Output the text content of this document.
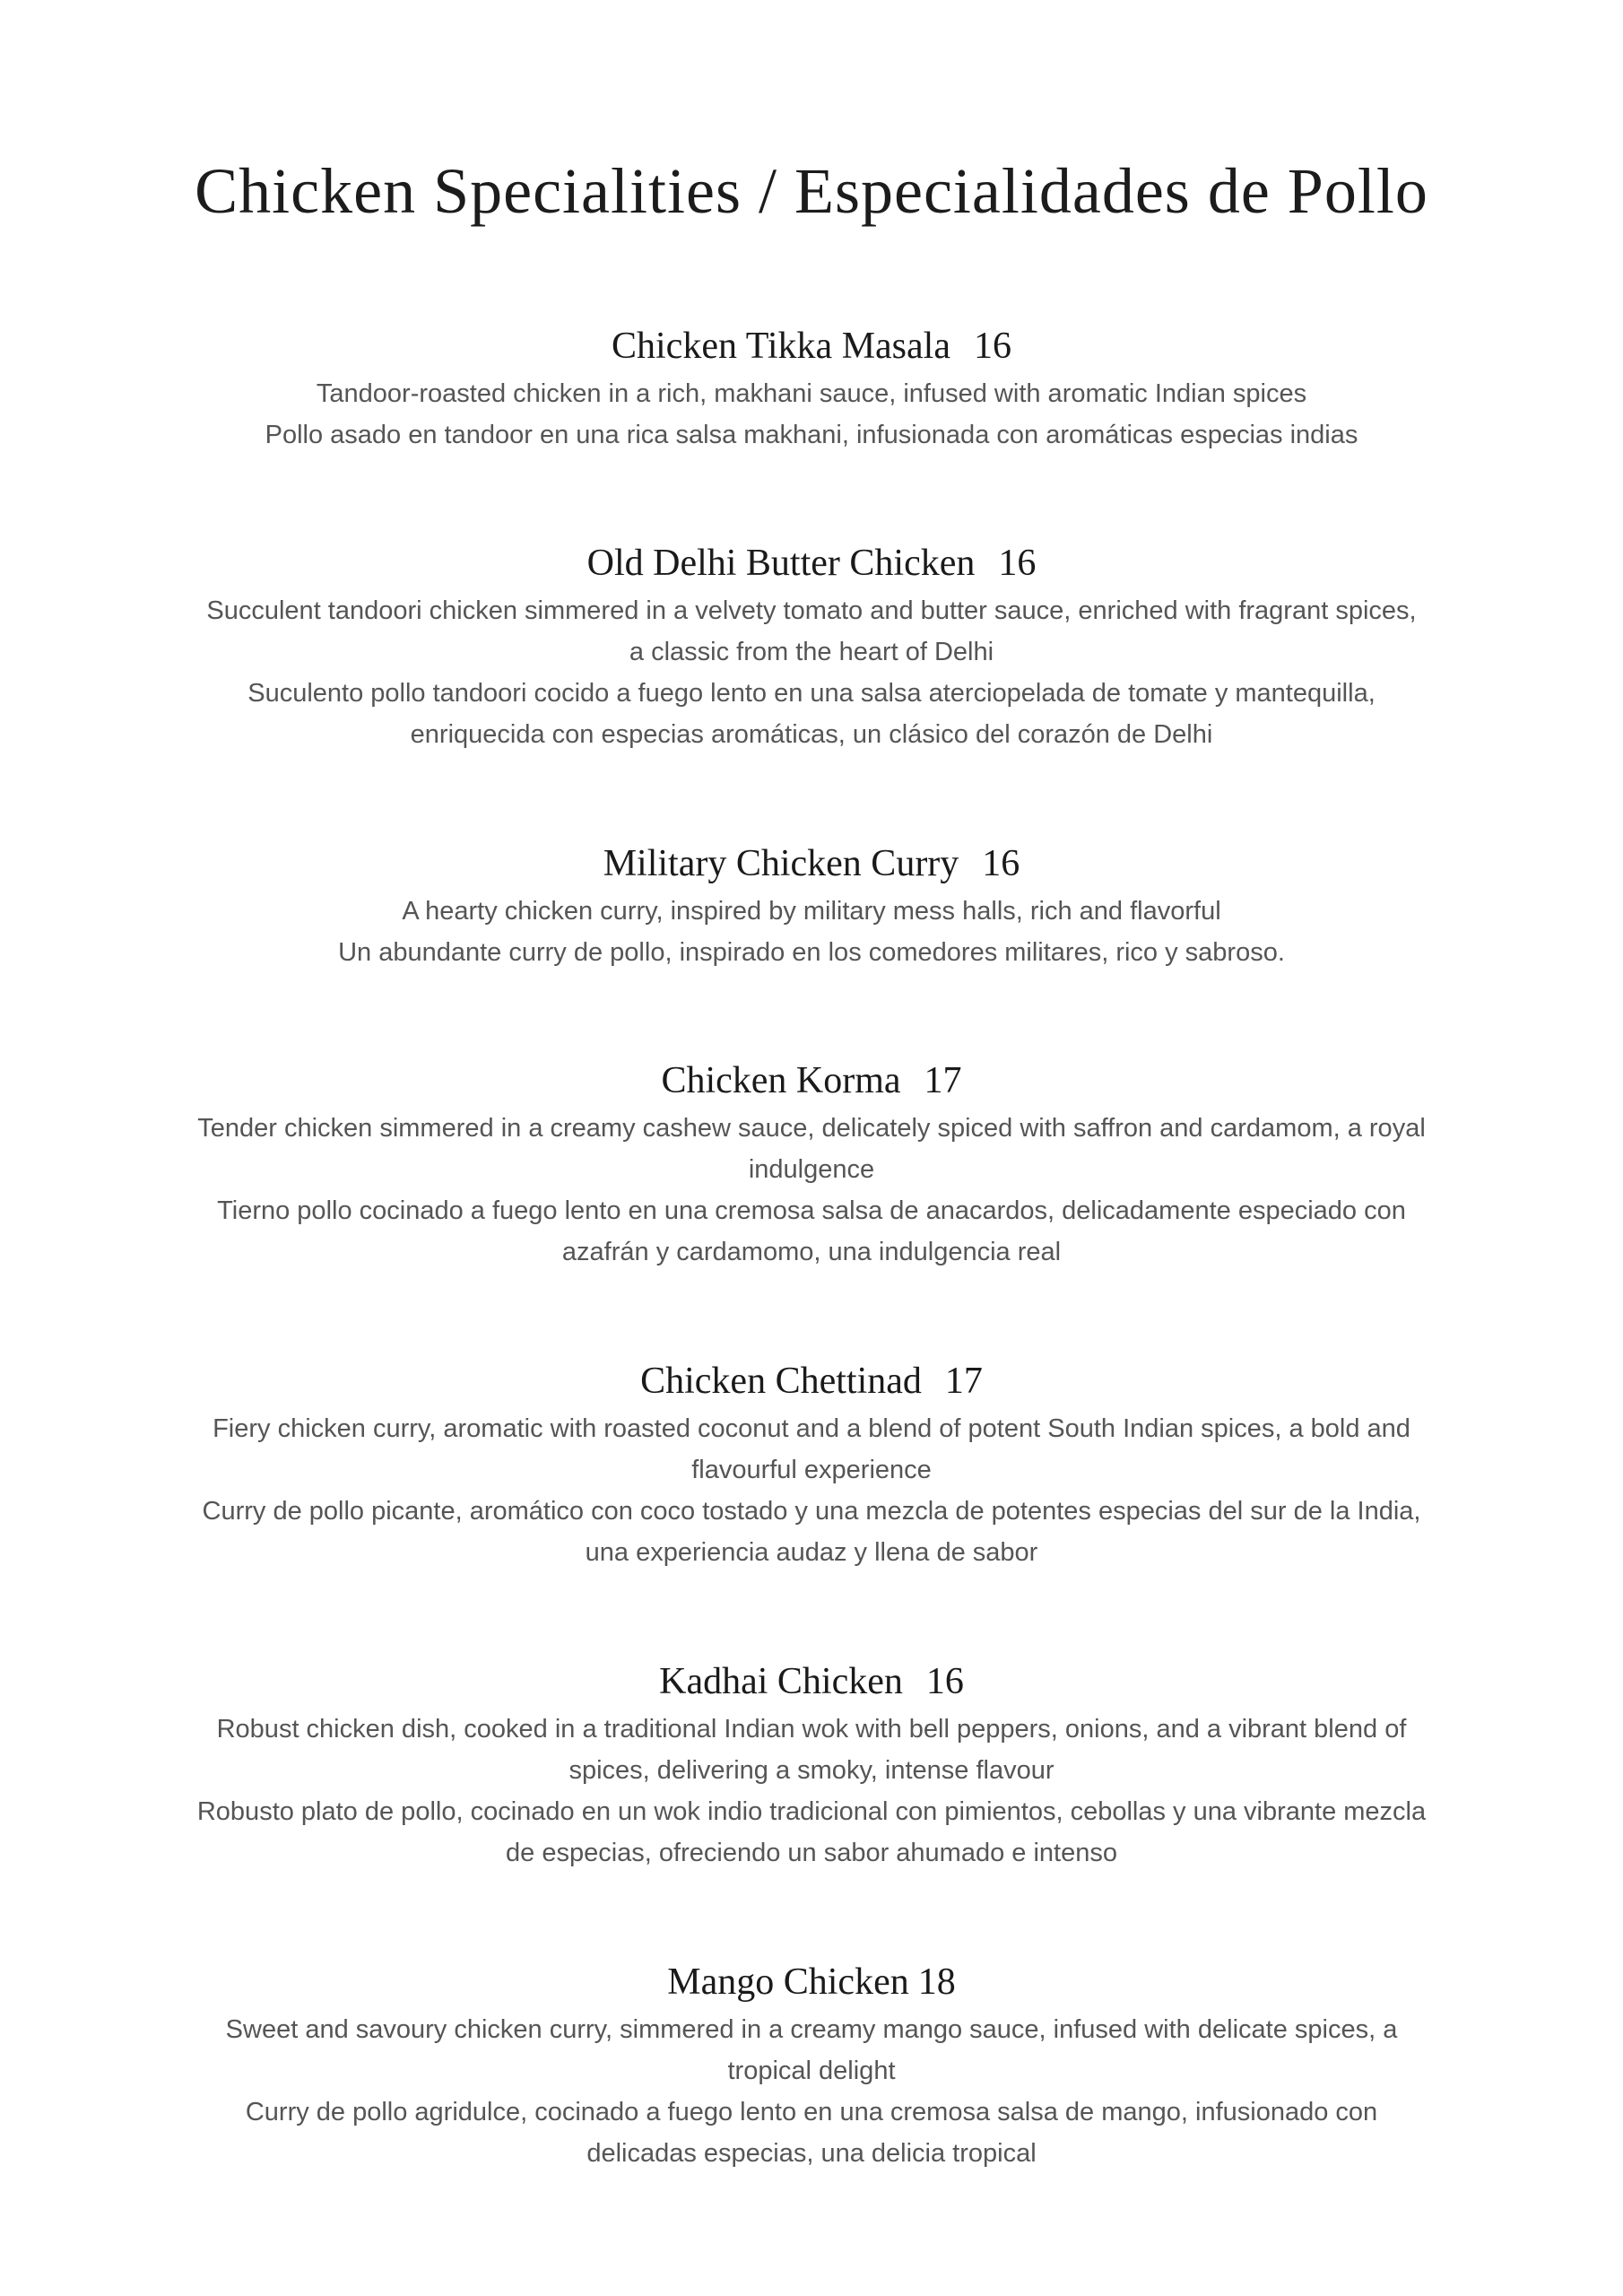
Chicken Specialities / Especialidades de Pollo
Chicken Tikka Masala 16

Tandoor-roasted chicken in a rich, makhani sauce, infused with aromatic Indian spices
Pollo asado en tandoor en una rica salsa makhani, infusionada con aromáticas especias indias

Old Delhi Butter Chicken 16

Succulent tandoori chicken simmered in a velvety tomato and butter sauce, enriched with fragrant spices,
a classic from the heart of Delhi
Suculento pollo tandoori cocido a fuego lento en una salsa aterciopelada de tomate y mantequilla,
enriquecida con especias aromáticas, un clásico del corazón de Delhi

Military Chicken Curry 16

A hearty chicken curry, inspired by military mess halls, rich and flavorful
Un abundante curry de pollo, inspirado en los comedores militares, rico y sabroso.

Chicken Korma 17

Tender chicken simmered in a creamy cashew sauce, delicately spiced with saffron and cardamom, a royal
indulgence
Tierno pollo cocinado a fuego lento en una cremosa salsa de anacardos, delicadamente especiado con
azafrán y cardamomo, una indulgencia real

Chicken Chettinad 17

Fiery chicken curry, aromatic with roasted coconut and a blend of potent South Indian spices, a bold and
flavourful experience
Curry de pollo picante, aromático con coco tostado y una mezcla de potentes especias del sur de la India,
una experiencia audaz y llena de sabor

Kadhai Chicken 16

Robust chicken dish, cooked in a traditional Indian wok with bell peppers, onions, and a vibrant blend of
spices, delivering a smoky, intense flavour
Robusto plato de pollo, cocinado en un wok indio tradicional con pimientos, cebollas y una vibrante mezcla
de especias, ofreciendo un sabor ahumado e intenso

Mango Chicken 18

Sweet and savoury chicken curry, simmered in a creamy mango sauce, infused with delicate spices, a
tropical delight
Curry de pollo agridulce, cocinado a fuego lento en una cremosa salsa de mango, infusionado con
delicadas especias, una delicia tropical
